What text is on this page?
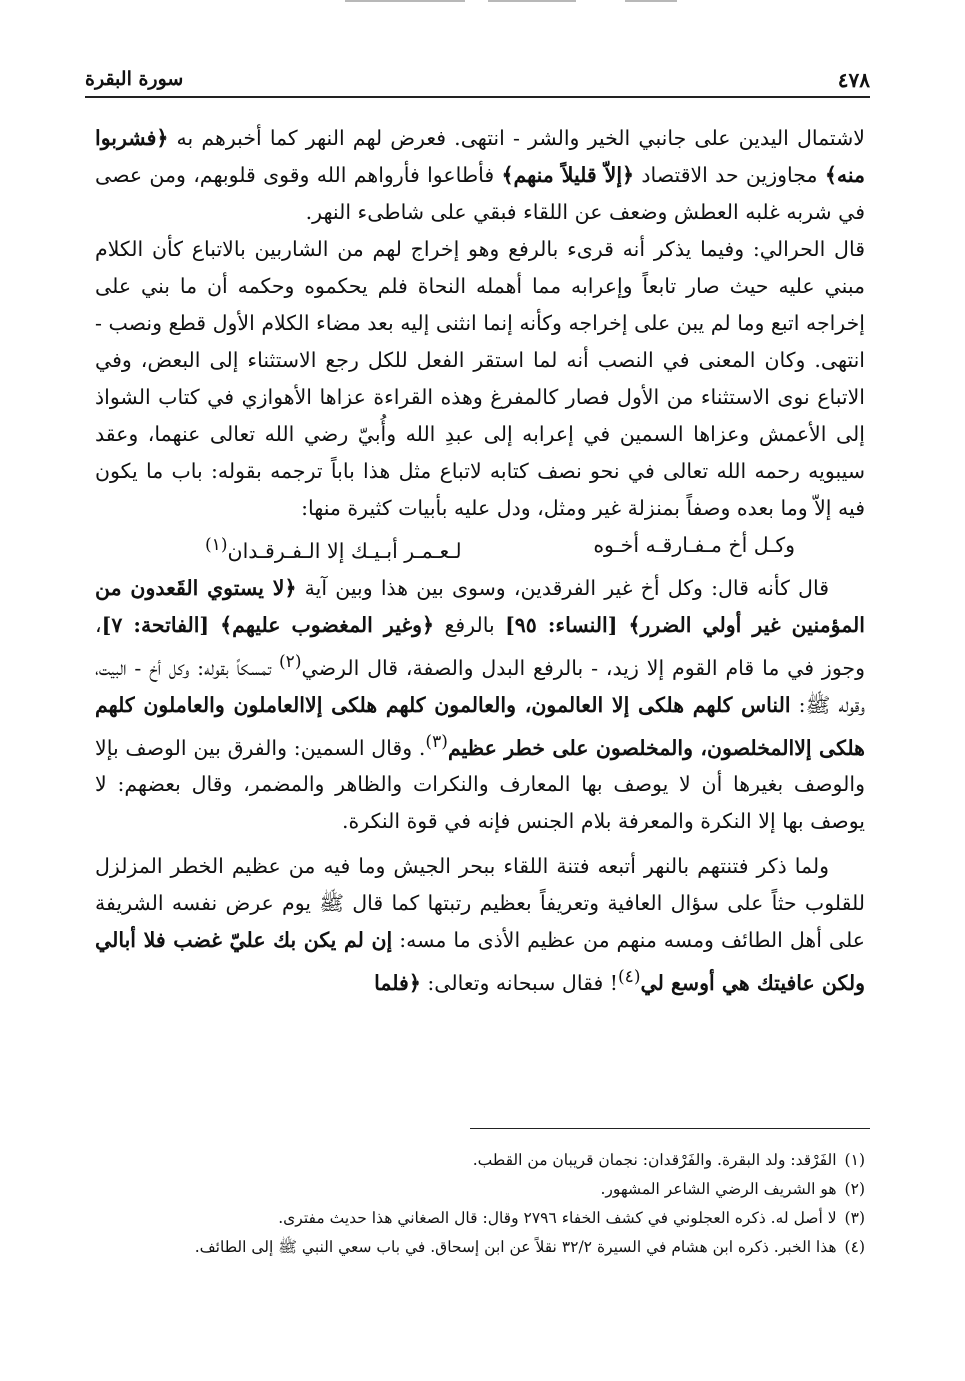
٤٧٨
سورة البقرة

لاشتمال اليدين على جانبي الخير والشر - انتهى. فعرض لهم النهر كما أخبرهم به ﴿فشربوا منه﴾ مجاوزين حد الاقتصاد ﴿إلاّ قليلاً منهم﴾ فأطاعوا فأرواهم الله وقوى قلوبهم، ومن عصى في شربه غلبه العطش وضعف عن اللقاء فبقي على شاطىء النهر.

قال الحرالي: وفيما يذكر أنه قرىء بالرفع وهو إخراج لهم من الشاربين بالاتباع كأن الكلام مبني عليه حيث صار تابعاً وإعرابه مما أهمله النحاة فلم يحكموه وحكمه أن ما بني على إخراجه اتبع وما لم يبن على إخراجه وكأنه إنما انثنى إليه بعد مضاء الكلام الأول قطع ونصب - انتهى. وكان المعنى في النصب أنه لما استقر الفعل للكل رجع الاستثناء إلى البعض، وفي الاتباع نوى الاستثناء من الأول فصار كالمفرغ وهذه القراءة عزاها الأهوازي في كتاب الشواذ إلى الأعمش وعزاها السمين في إعرابه إلى عبدِ الله وأُبيّ رضي الله تعالى عنهما، وعقد سيبويه رحمه الله تعالى في نحو نصف كتابه لاتباع مثل هذا باباً ترجمه بقوله: باب ما يكون فيه إلاّ وما بعده وصفاً بمنزلة غير ومثل، ودل عليه بأبيات كثيرة منها:

وكـل أخ مـفـارقـه أخـوه
لـعـمـر أبـيـك إلا الـفـرقـدان$^{(١)}$

قال كأنه قال: وكل أخ غير الفرقدين، وسوى بين هذا وبين آية ﴿لا يستوي القَعدون من المؤمنين غير أولي الضرر﴾ [النساء: ٩٥] بالرفع ﴿وغير المغضوب عليهم﴾ [الفاتحة: ٧]، وجوز في ما قام القوم إلا زيد، - بالرفع البدل والصفة، قال الرضي$^{(٢)}$ تمسكاً بقوله: وكل أخ - البيت، وقوله ﷺ: الناس كلهم هلكى إلا العالمون، والعالمون كلهم هلكى إلاالعاملون والعاملون كلهم هلكى إلاالمخلصون، والمخلصون على خطر عظيم$^{(٣)}$. وقال السمين: والفرق بين الوصف بإلا والوصف بغيرها أن لا يوصف بها المعارف والنكرات والظاهر والمضمر، وقال بعضهم: لا يوصف بها إلا النكرة والمعرفة بلام الجنس فإنه في قوة النكرة.

ولما ذكر فتنتهم بالنهر أتبعه فتنة اللقاء ببحر الجيش وما فيه من عظيم الخطر المزلزل للقلوب حثاً على سؤال العافية وتعريفاً بعظيم رتبتها كما قال ﷺ يوم عرض نفسه الشريفة على أهل الطائف ومسه منهم من عظيم الأذى ما مسه: إن لم يكن بك عليّ غضب فلا أبالي ولكن عافيتك هي أوسع لي$^{(٤)}$! فقال سبحانه وتعالى: ﴿فلما

(١)
الفَرْقد: ولد البقرة. والفَرْقدان: نجمان قريبان من القطب.
(٢)
هو الشريف الرضي الشاعر المشهور.
(٣)
لا أصل له. ذكره العجلوني في كشف الخفاء ٢٧٩٦ وقال: قال الصغاني هذا حديث مفترى.
(٤)
هذا الخبر. ذكره ابن هشام في السيرة ٣٢/٢ نقلاً عن ابن إسحاق. في باب سعي النبي ﷺ إلى الطائف.
